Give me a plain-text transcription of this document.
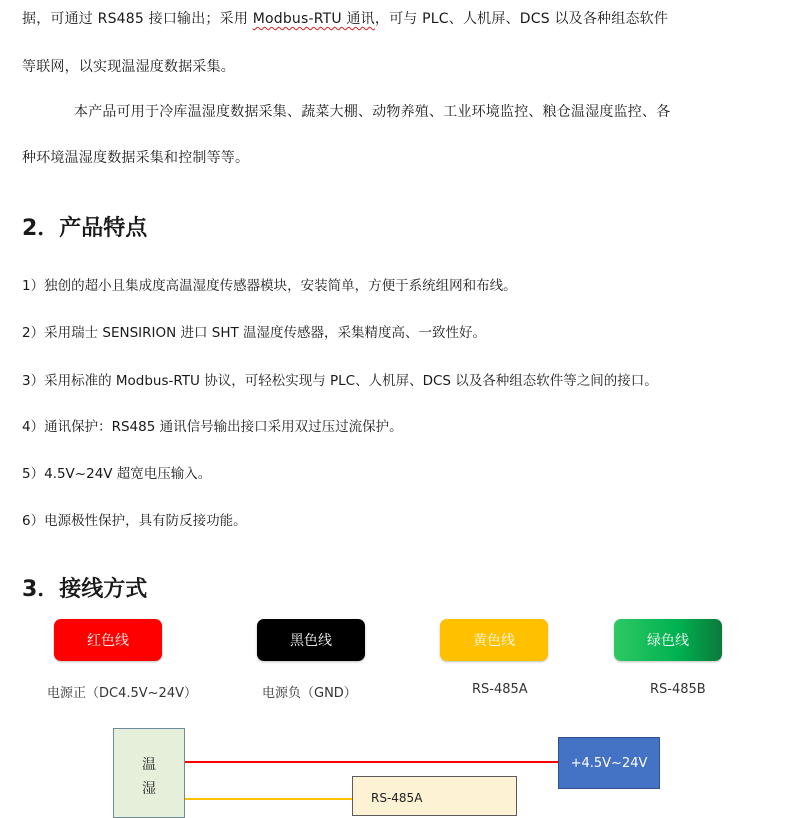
据，可通过 RS485 接口输出；采用 Modbus-RTU 通讯，可与 PLC、人机屏、DCS 以及各种组态软件
等联网，以实现温湿度数据采集。
本产品可用于冷库温湿度数据采集、蔬菜大棚、动物养殖、工业环境监控、粮仓温湿度监控、各
种环境温湿度数据采集和控制等等。
2．产品特点
1）独创的超小且集成度高温湿度传感器模块，安装简单，方便于系统组网和布线。
2）采用瑞士 SENSIRION 进口 SHT 温湿度传感器，采集精度高、一致性好。
3）采用标准的 Modbus-RTU 协议，可轻松实现与 PLC、人机屏、DCS 以及各种组态软件等之间的接口。
4）通讯保护：RS485 通讯信号输出接口采用双过压过流保护。
5）4.5V~24V 超宽电压输入。
6）电源极性保护，具有防反接功能。
3．接线方式
红色线	黑色线	黄色线	绿色线
电源正（DC4.5V~24V）	电源负（GND）	RS-485A	RS-485B
温
湿
+4.5V~24V
RS-485A
